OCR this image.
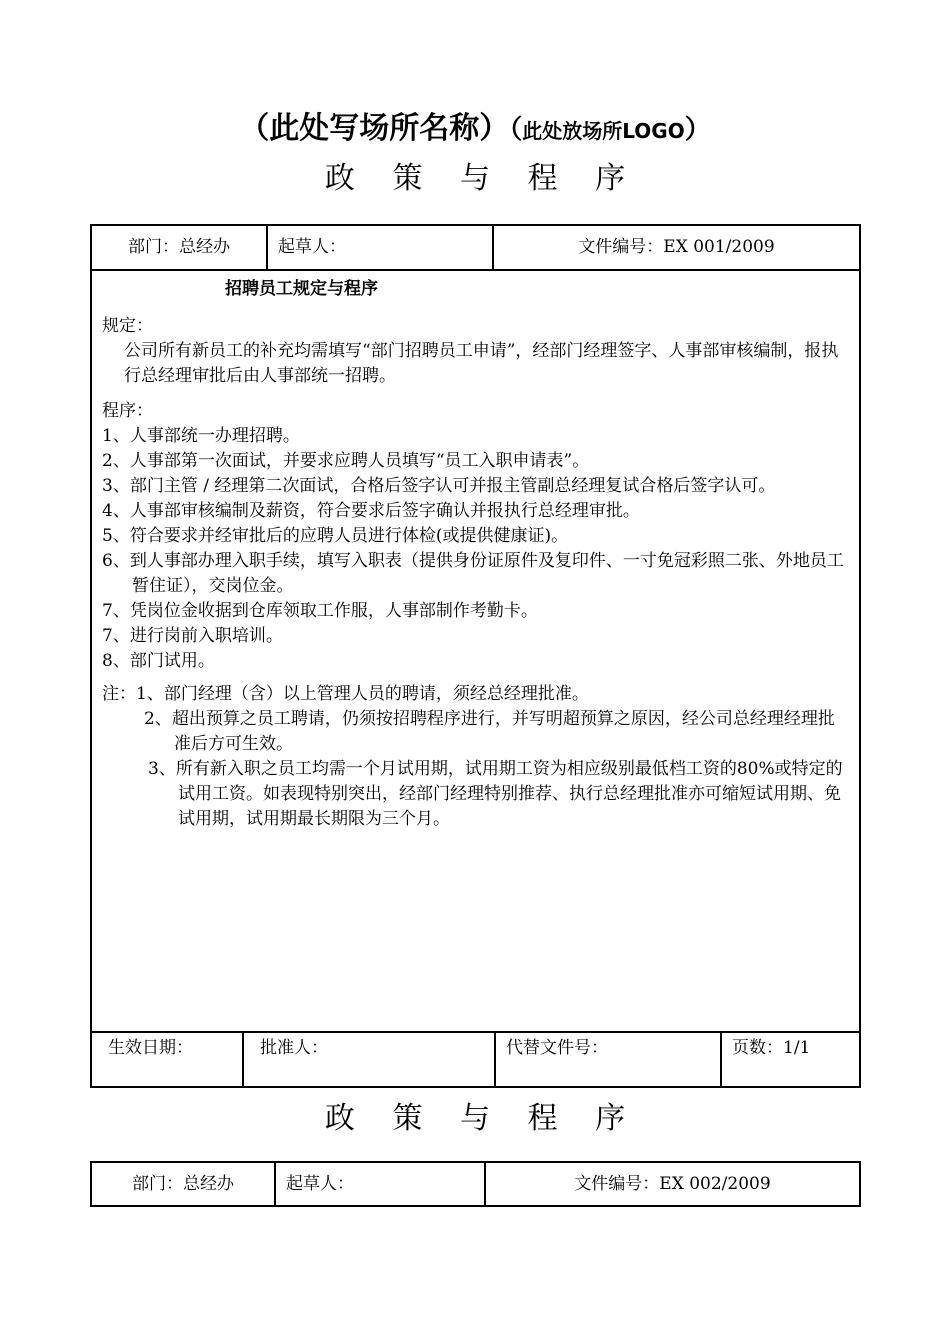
（此处写场所名称）（此处放场所LOGO）
政 策 与 程 序
部门：总经办	起草人：	文件编号：EX 001/2009
招聘员工规定与程序

规定：

公司所有新员工的补充均需填写“部门招聘员工申请”，经部门经理签字、人事部审核编制，报执行总经理审批后由人事部统一招聘。

程序：

1、人事部统一办理招聘。

2、人事部第一次面试，并要求应聘人员填写“员工入职申请表”。

3、部门主管 / 经理第二次面试，合格后签字认可并报主管副总经理复试合格后签字认可。

4、人事部审核编制及薪资，符合要求后签字确认并报执行总经理审批。

5、符合要求并经审批后的应聘人员进行体检(或提供健康证)。

6、到人事部办理入职手续，填写入职表（提供身份证原件及复印件、一寸免冠彩照二张、外地员工暂住证），交岗位金。

7、凭岗位金收据到仓库领取工作服，人事部制作考勤卡。

7、进行岗前入职培训。

8、部门试用。

注：1、部门经理（含）以上管理人员的聘请，须经总经理批准。

2、超出预算之员工聘请，仍须按招聘程序进行，并写明超预算之原因，经公司总经理经理批准后方可生效。

3、所有新入职之员工均需一个月试用期，试用期工资为相应级别最低档工资的80%或特定的试用工资。如表现特别突出，经部门经理特别推荐、执行总经理批准亦可缩短试用期、免试用期，试用期最长期限为三个月。

生效日期：	批准人：	代替文件号：	页数：1/1
政 策 与 程 序
部门：总经办	起草人：	文件编号：EX 002/2009
